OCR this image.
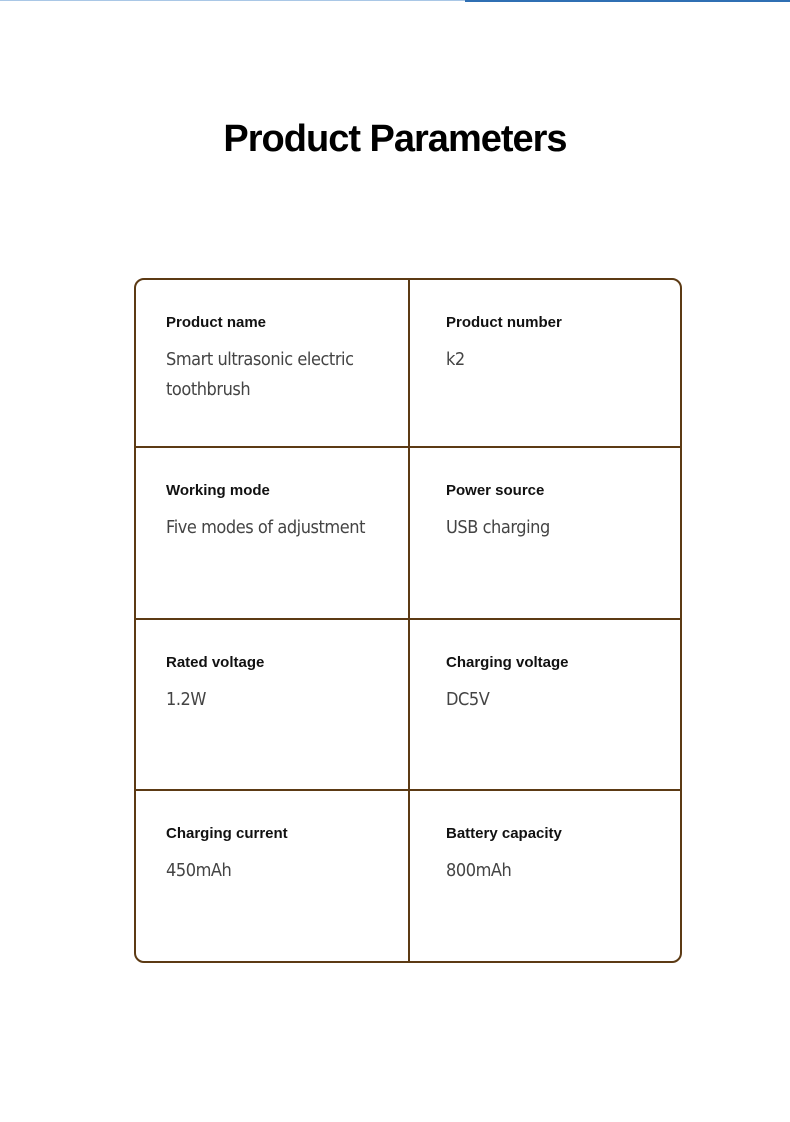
Product Parameters
Product name
Smart ultrasonic electric toothbrush
Product number
k2
Working mode
Five modes of adjustment
Power source
USB charging
Rated voltage
1.2W
Charging voltage
DC5V
Charging current
450mAh
Battery capacity
800mAh
